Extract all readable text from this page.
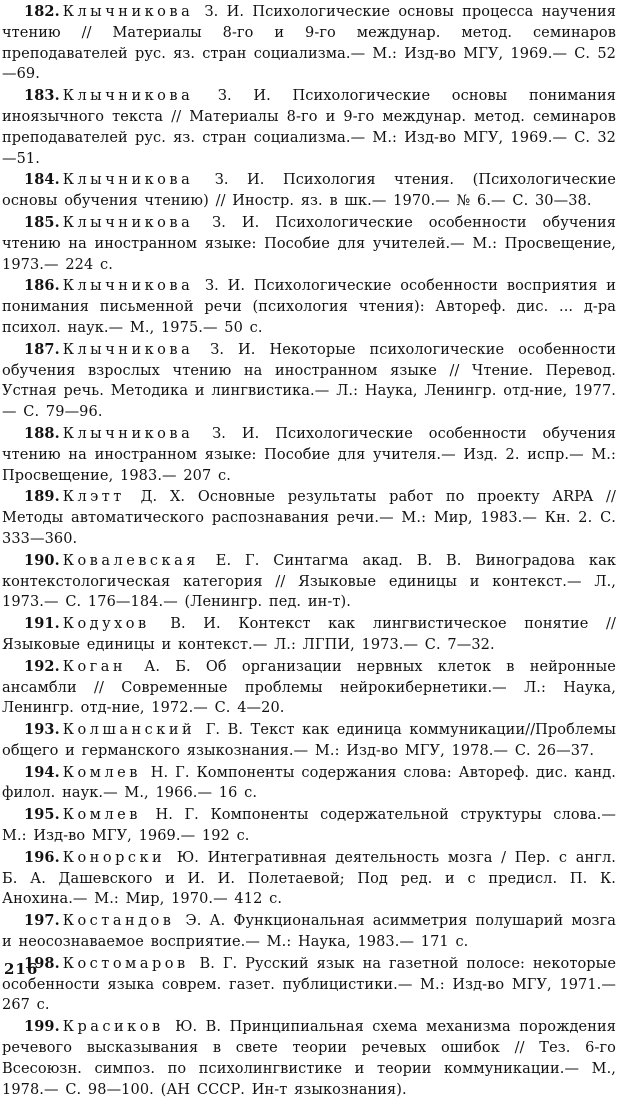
182. Клычникова З. И. Психологические основы процесса научения чтению // Материалы 8-го и 9-го междунар. метод. семинаров преподавателей рус. яз. стран социализма.— М.: Изд-во МГУ, 1969.— С. 52—69.

183. Клычникова З. И. Психологические основы понимания иноязычного текста // Материалы 8-го и 9-го междунар. метод. семинаров преподавателей рус. яз. стран социализма.— М.: Изд-во МГУ, 1969.— С. 32—51.

184. Клычникова З. И. Психология чтения. (Психологические основы обучения чтению) // Иностр. яз. в шк.— 1970.— № 6.— С. 30—38.

185. Клычникова З. И. Психологические особенности обучения чтению на иностранном языке: Пособие для учителей.— М.: Просвещение, 1973.— 224 с.

186. Клычникова З. И. Психологические особенности восприятия и понимания письменной речи (психология чтения): Автореф. дис. ... д-ра психол. наук.— М., 1975.— 50 с.

187. Клычникова З. И. Некоторые психологические особенности обучения взрослых чтению на иностранном языке // Чтение. Перевод. Устная речь. Методика и лингвистика.— Л.: Наука, Ленингр. отд-ние, 1977.— С. 79—96.

188. Клычникова З. И. Психологические особенности обучения чтению на иностранном языке: Пособие для учителя.— Изд. 2. испр.— М.: Просвещение, 1983.— 207 с.

189. Клэтт Д. Х. Основные результаты работ по проекту ARPA // Методы автоматического распознавания речи.— М.: Мир, 1983.— Кн. 2. С. 333—360.

190. Ковалевская Е. Г. Синтагма акад. В. В. Виноградова как контекстологическая категория // Языковые единицы и контекст.— Л., 1973.— С. 176—184.— (Ленингр. пед. ин-т).

191. Кодухов В. И. Контекст как лингвистическое понятие // Языковые единицы и контекст.— Л.: ЛГПИ, 1973.— С. 7—32.

192. Коган А. Б. Об организации нервных клеток в нейронные ансамбли // Современные проблемы нейрокибернетики.— Л.: Наука, Ленингр. отд-ние, 1972.— С. 4—20.

193. Колшанский Г. В. Текст как единица коммуникации//Проблемы общего и германского языкознания.— М.: Изд-во МГУ, 1978.— С. 26—37.

194. Комлев Н. Г. Компоненты содержания слова: Автореф. дис. канд. филол. наук.— М., 1966.— 16 с.

195. Комлев Н. Г. Компоненты содержательной структуры слова.— М.: Изд-во МГУ, 1969.— 192 с.

196. Конорски Ю. Интегративная деятельность мозга / Пер. с англ. Б. А. Дашевского и И. И. Полетаевой; Под ред. и с предисл. П. К. Анохина.— М.: Мир, 1970.— 412 с.

197. Костандов Э. А. Функциональная асимметрия полушарий мозга и неосознаваемое восприятие.— М.: Наука, 1983.— 171 с.

198. Костомаров В. Г. Русский язык на газетной полосе: некоторые особенности языка соврем. газет. публицистики.— М.: Изд-во МГУ, 1971.— 267 с.

199. Красиков Ю. В. Принципиальная схема механизма порождения речевого высказывания в свете теории речевых ошибок // Тез. 6-го Всесоюзн. симпоз. по психолингвистике и теории коммуникации.— М., 1978.— С. 98—100. (АН СССР. Ин-т языкознания).

216
